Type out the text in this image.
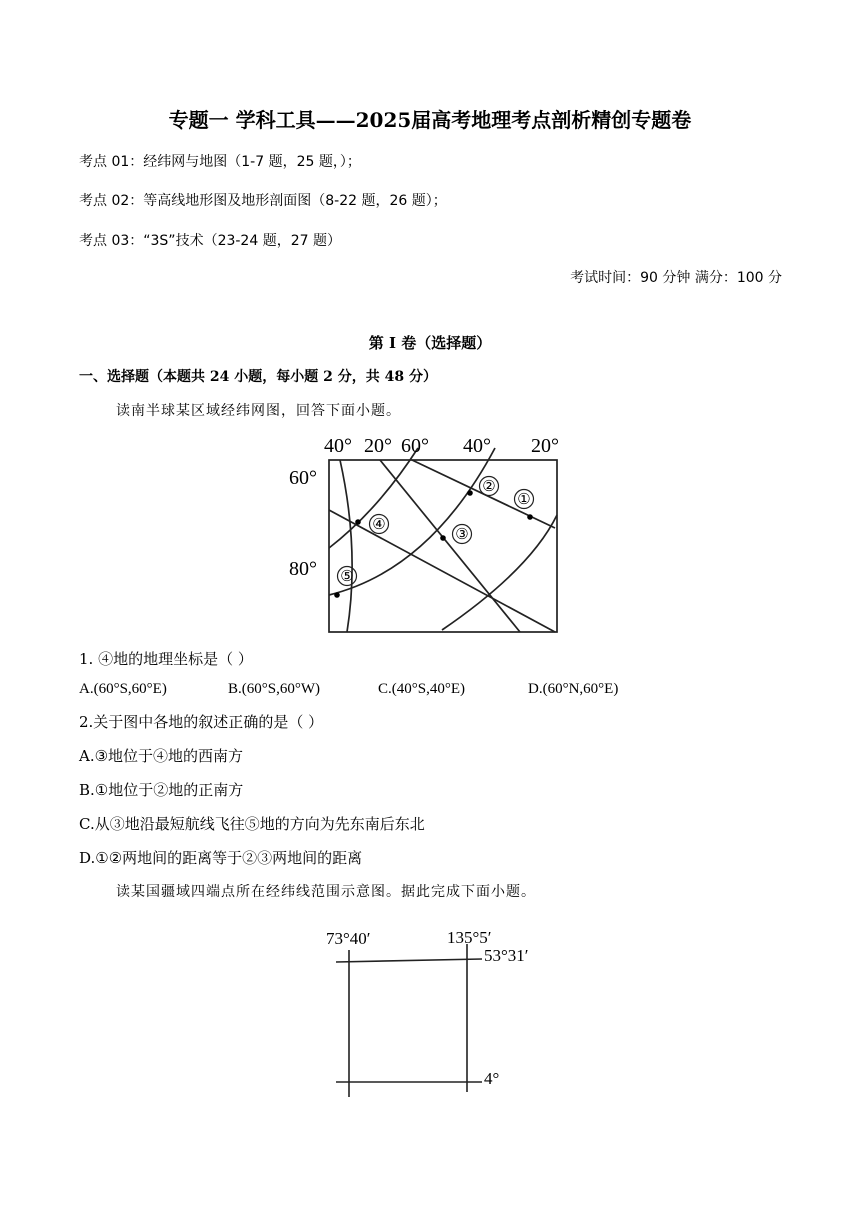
专题一 学科工具——2025届高考地理考点剖析精创专题卷
考点 01：经纬网与地图（1-7 题，25 题，）；
考点 02：等高线地形图及地形剖面图（8-22 题，26 题）；
考点 03：“3S”技术（23-24 题，27 题）
考试时间：90 分钟 满分：100 分
第 I 卷（选择题）
一、选择题（本题共 24 小题，每小题 2 分，共 48 分）
读南半球某区域经纬网图，回答下面小题。
①
②
③
④
⑤
40° 20° 60° 40° 20°
60°
80°
1. ④地的地理坐标是（ ）
A.(60°S,60°E)	B.(60°S,60°W)	C.(40°S,40°E)	D.(60°N,60°E)
2.关于图中各地的叙述正确的是（ ）
A.③地位于④地的西南方
B.①地位于②地的正南方
C.从③地沿最短航线飞往⑤地的方向为先东南后东北
D.①②两地间的距离等于②③两地间的距离
读某国疆域四端点所在经纬线范围示意图。据此完成下面小题。
73°40′	135°5′
53°31′
4°
